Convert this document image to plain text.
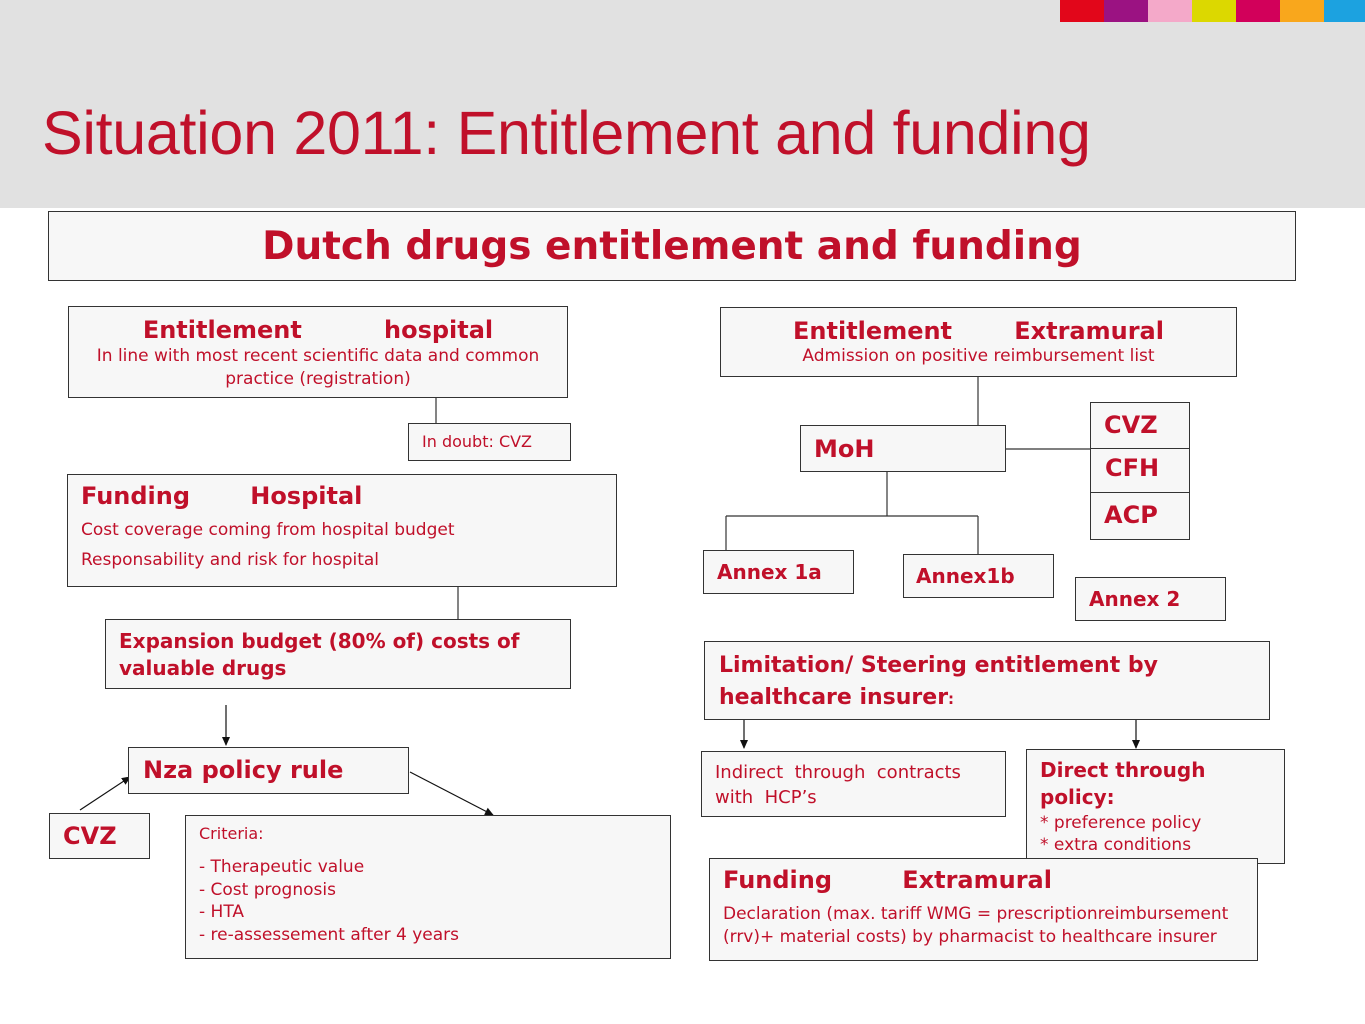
Situation 2011: Entitlement and funding
Dutch drugs entitlement and funding
Entitlement	hospital
In line with most recent scientific data and common practice (registration)
In doubt: CVZ
Funding	Hospital
Cost coverage coming from hospital budget
Responsability and risk for hospital
Expansion budget (80% of) costs of valuable drugs
Nza policy rule
CVZ	Criteria:
- Therapeutic value
- Cost prognosis
- HTA
- re-assessement after 4 years
Entitlement	Extramural
Admission on positive reimbursement list
MoH
CVZ
CFH
ACP
Annex 1a	Annex1b
Annex 2
Limitation/ Steering entitlement by healthcare insurer:
Indirect  through  contracts with  HCP’s
Direct through policy:
* preference policy
* extra conditions
Funding	Extramural
Declaration (max. tariff WMG = prescriptionreimbursement (rrv)+ material costs) by pharmacist to healthcare insurer
